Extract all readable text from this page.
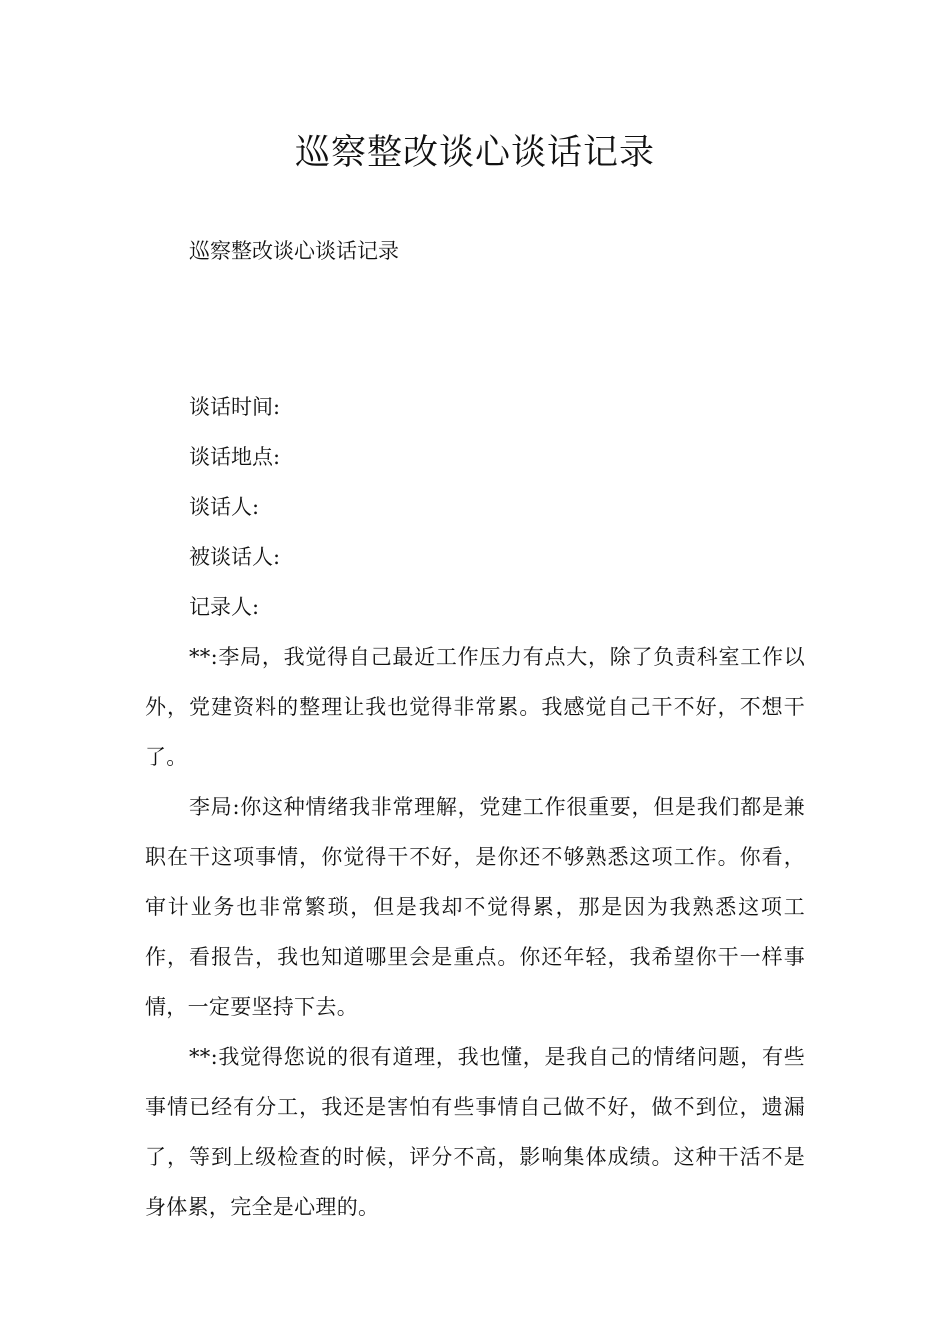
巡察整改谈心谈话记录

巡察整改谈心谈话记录

谈话时间:

谈话地点:

谈话人:

被谈话人:

记录人:

**:李局，我觉得自己最近工作压力有点大，除了负责科室工作以外，党建资料的整理让我也觉得非常累。我感觉自己干不好，不想干了。

李局:你这种情绪我非常理解，党建工作很重要，但是我们都是兼职在干这项事情，你觉得干不好，是你还不够熟悉这项工作。你看，审计业务也非常繁琐，但是我却不觉得累，那是因为我熟悉这项工作，看报告，我也知道哪里会是重点。你还年轻，我希望你干一样事情，一定要坚持下去。

**:我觉得您说的很有道理，我也懂，是我自己的情绪问题，有些事情已经有分工，我还是害怕有些事情自己做不好，做不到位，遗漏了，等到上级检查的时候，评分不高，影响集体成绩。这种干活不是身体累，完全是心理的。
